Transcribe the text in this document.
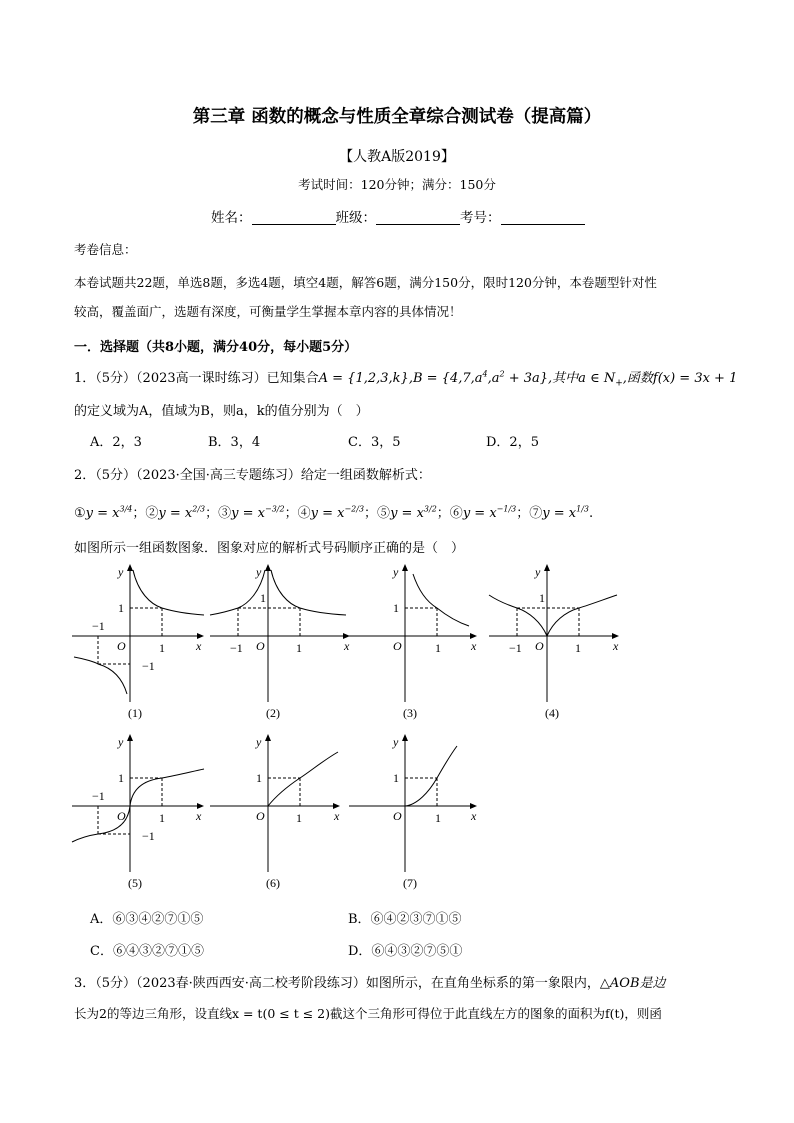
第三章 函数的概念与性质全章综合测试卷（提高篇）
【人教A版2019】
考试时间：120分钟；满分：150分
姓名：	班级：	考号：
考卷信息：
本卷试题共22题，单选8题，多选4题，填空4题，解答6题，满分150分，限时120分钟，本卷题型针对性
较高，覆盖面广，选题有深度，可衡量学生掌握本章内容的具体情况！
一．选择题（共8小题，满分40分，每小题5分）
1．（5分）（2023高一课时练习）已知集合$A = \{1,2,3,k\},B = \{4,7,a^4,a^2 + 3a\}$,其中a ∈ $N_+$,函数f(x) = 3x + 1
的定义域为A，值域为B，则a，k的值分别为（　）
A．2，3	B．3，4	C．3，5	D．2，5
2．（5分）（2023·全国·高三专题练习）给定一组函数解析式：
①y = $x^{3/4}$；②y = $x^{2/3}$；③y = $x^{-3/2}$；④y = $x^{-2/3}$；⑤y = $x^{3/2}$；⑥y = $x^{-1/3}$；⑦y = $x^{1/3}$.
如图所示一组函数图象．图象对应的解析式号码顺序正确的是（　）
y
x
O
1
1
−1
−1
(1)
y
x
O
1
1
−1
(2)
y
x
O
1
1
(3)
y
x
O
1
1
−1
(4)
y
x
O
1
1
−1
−1
(5)
y
x
O
1
1
(6)
y
x
O
1
1
(7)
A．⑥③④②⑦①⑤	B．⑥④②③⑦①⑤
C．⑥④③②⑦①⑤	D．⑥④③②⑦⑤①
3．（5分）（2023春·陕西西安·高二校考阶段练习）如图所示，在直角坐标系的第一象限内，△AOB是边
长为2的等边三角形，设直线x = t(0 ≤ t ≤ 2)截这个三角形可得位于此直线左方的图象的面积为f(t)，则函
